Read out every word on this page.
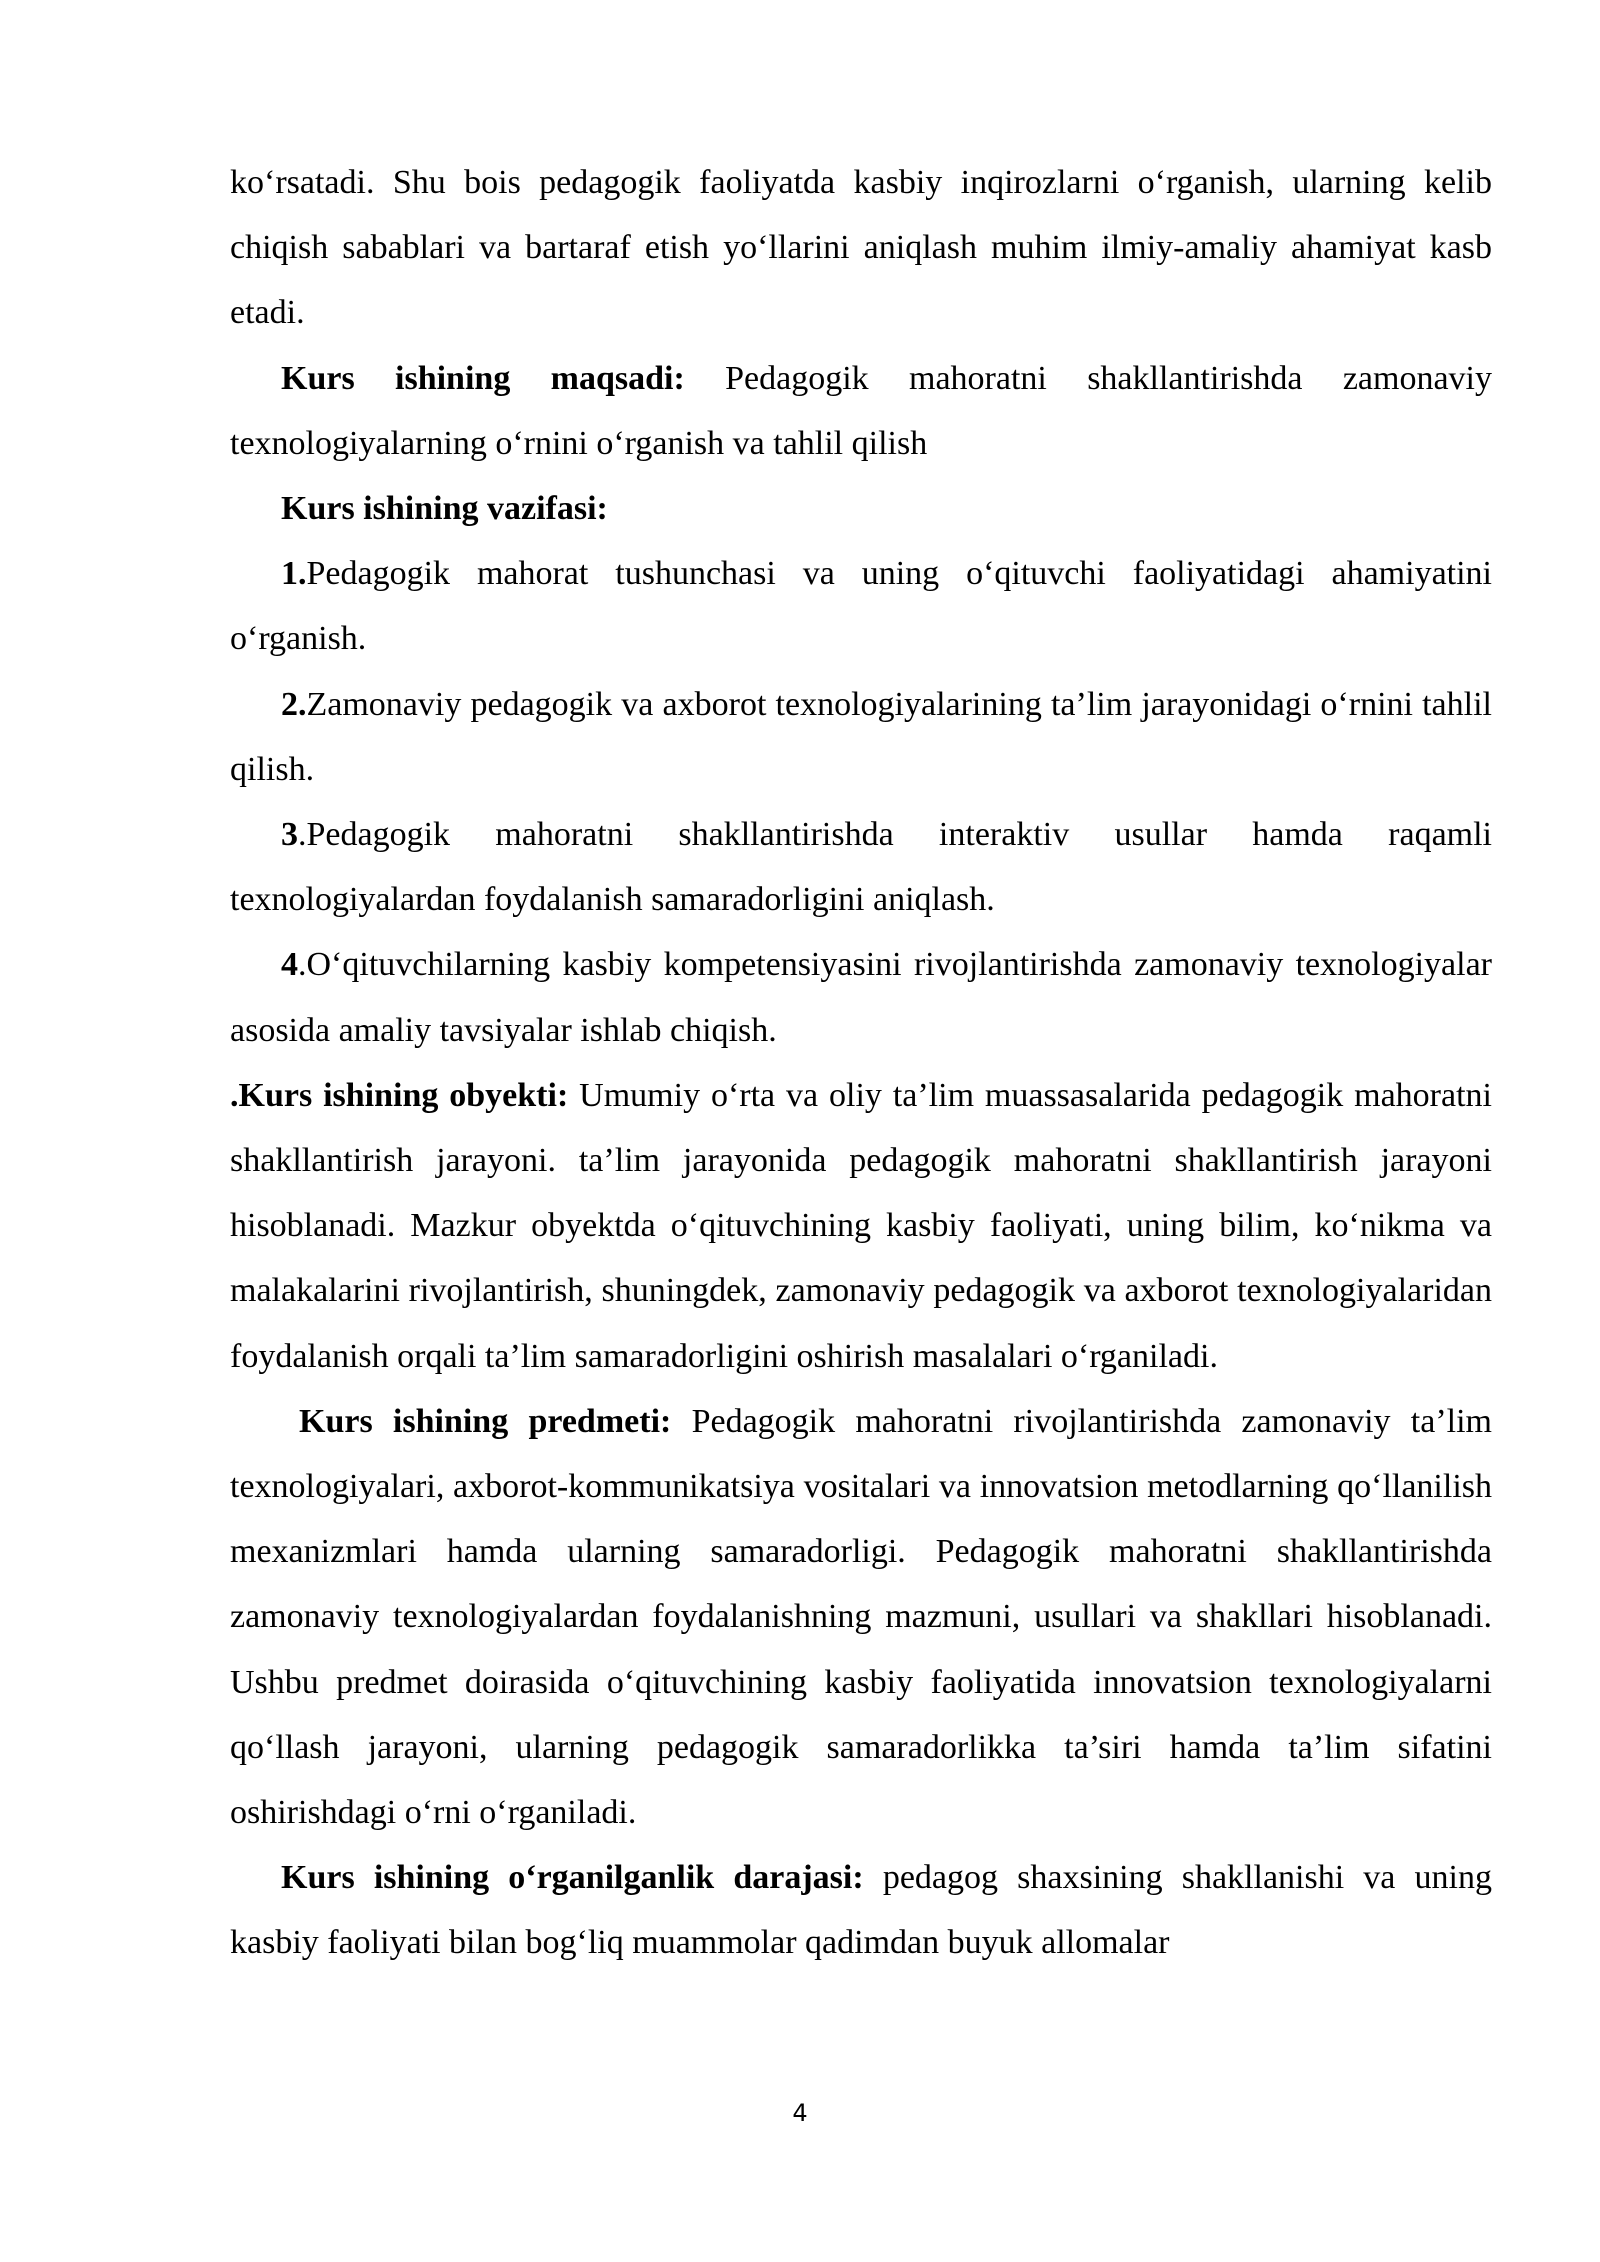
ko‘rsatadi. Shu bois pedagogik faoliyatda kasbiy inqirozlarni o‘rganish, ularning kelib chiqish sabablari va bartaraf etish yo‘llarini aniqlash muhim ilmiy-amaliy ahamiyat kasb etadi.

Kurs ishining maqsadi: Pedagogik mahoratni shakllantirishda zamonaviy texnologiyalarning o‘rnini o‘rganish va tahlil qilish

Kurs ishining vazifasi:

1.Pedagogik mahorat tushunchasi va uning o‘qituvchi faoliyatidagi ahamiyatini o‘rganish.

2.Zamonaviy pedagogik va axborot texnologiyalarining ta’lim jarayonidagi o‘rnini tahlil qilish.

3.Pedagogik mahoratni shakllantirishda interaktiv usullar hamda raqamli texnologiyalardan foydalanish samaradorligini aniqlash.

4.O‘qituvchilarning kasbiy kompetensiyasini rivojlantirishda zamonaviy texnologiyalar asosida amaliy tavsiyalar ishlab chiqish.

.Kurs ishining obyekti: Umumiy o‘rta va oliy ta’lim muassasalarida pedagogik mahoratni shakllantirish jarayoni. ta’lim jarayonida pedagogik mahoratni shakllantirish jarayoni hisoblanadi. Mazkur obyektda o‘qituvchining kasbiy faoliyati, uning bilim, ko‘nikma va malakalarini rivojlantirish, shuningdek, zamonaviy pedagogik va axborot texnologiyalaridan foydalanish orqali ta’lim samaradorligini oshirish masalalari o‘rganiladi.

Kurs ishining predmeti: Pedagogik mahoratni rivojlantirishda zamonaviy ta’lim texnologiyalari, axborot-kommunikatsiya vositalari va innovatsion metodlarning qo‘llanilish mexanizmlari hamda ularning samaradorligi. Pedagogik mahoratni shakllantirishda zamonaviy texnologiyalardan foydalanishning mazmuni, usullari va shakllari hisoblanadi. Ushbu predmet doirasida o‘qituvchining kasbiy faoliyatida innovatsion texnologiyalarni qo‘llash jarayoni, ularning pedagogik samaradorlikka ta’siri hamda ta’lim sifatini oshirishdagi o‘rni o‘rganiladi.

Kurs ishining o‘rganilganlik darajasi: pedagog shaxsining shakllanishi va uning kasbiy faoliyati bilan bog‘liq muammolar qadimdan buyuk allomalar

4
